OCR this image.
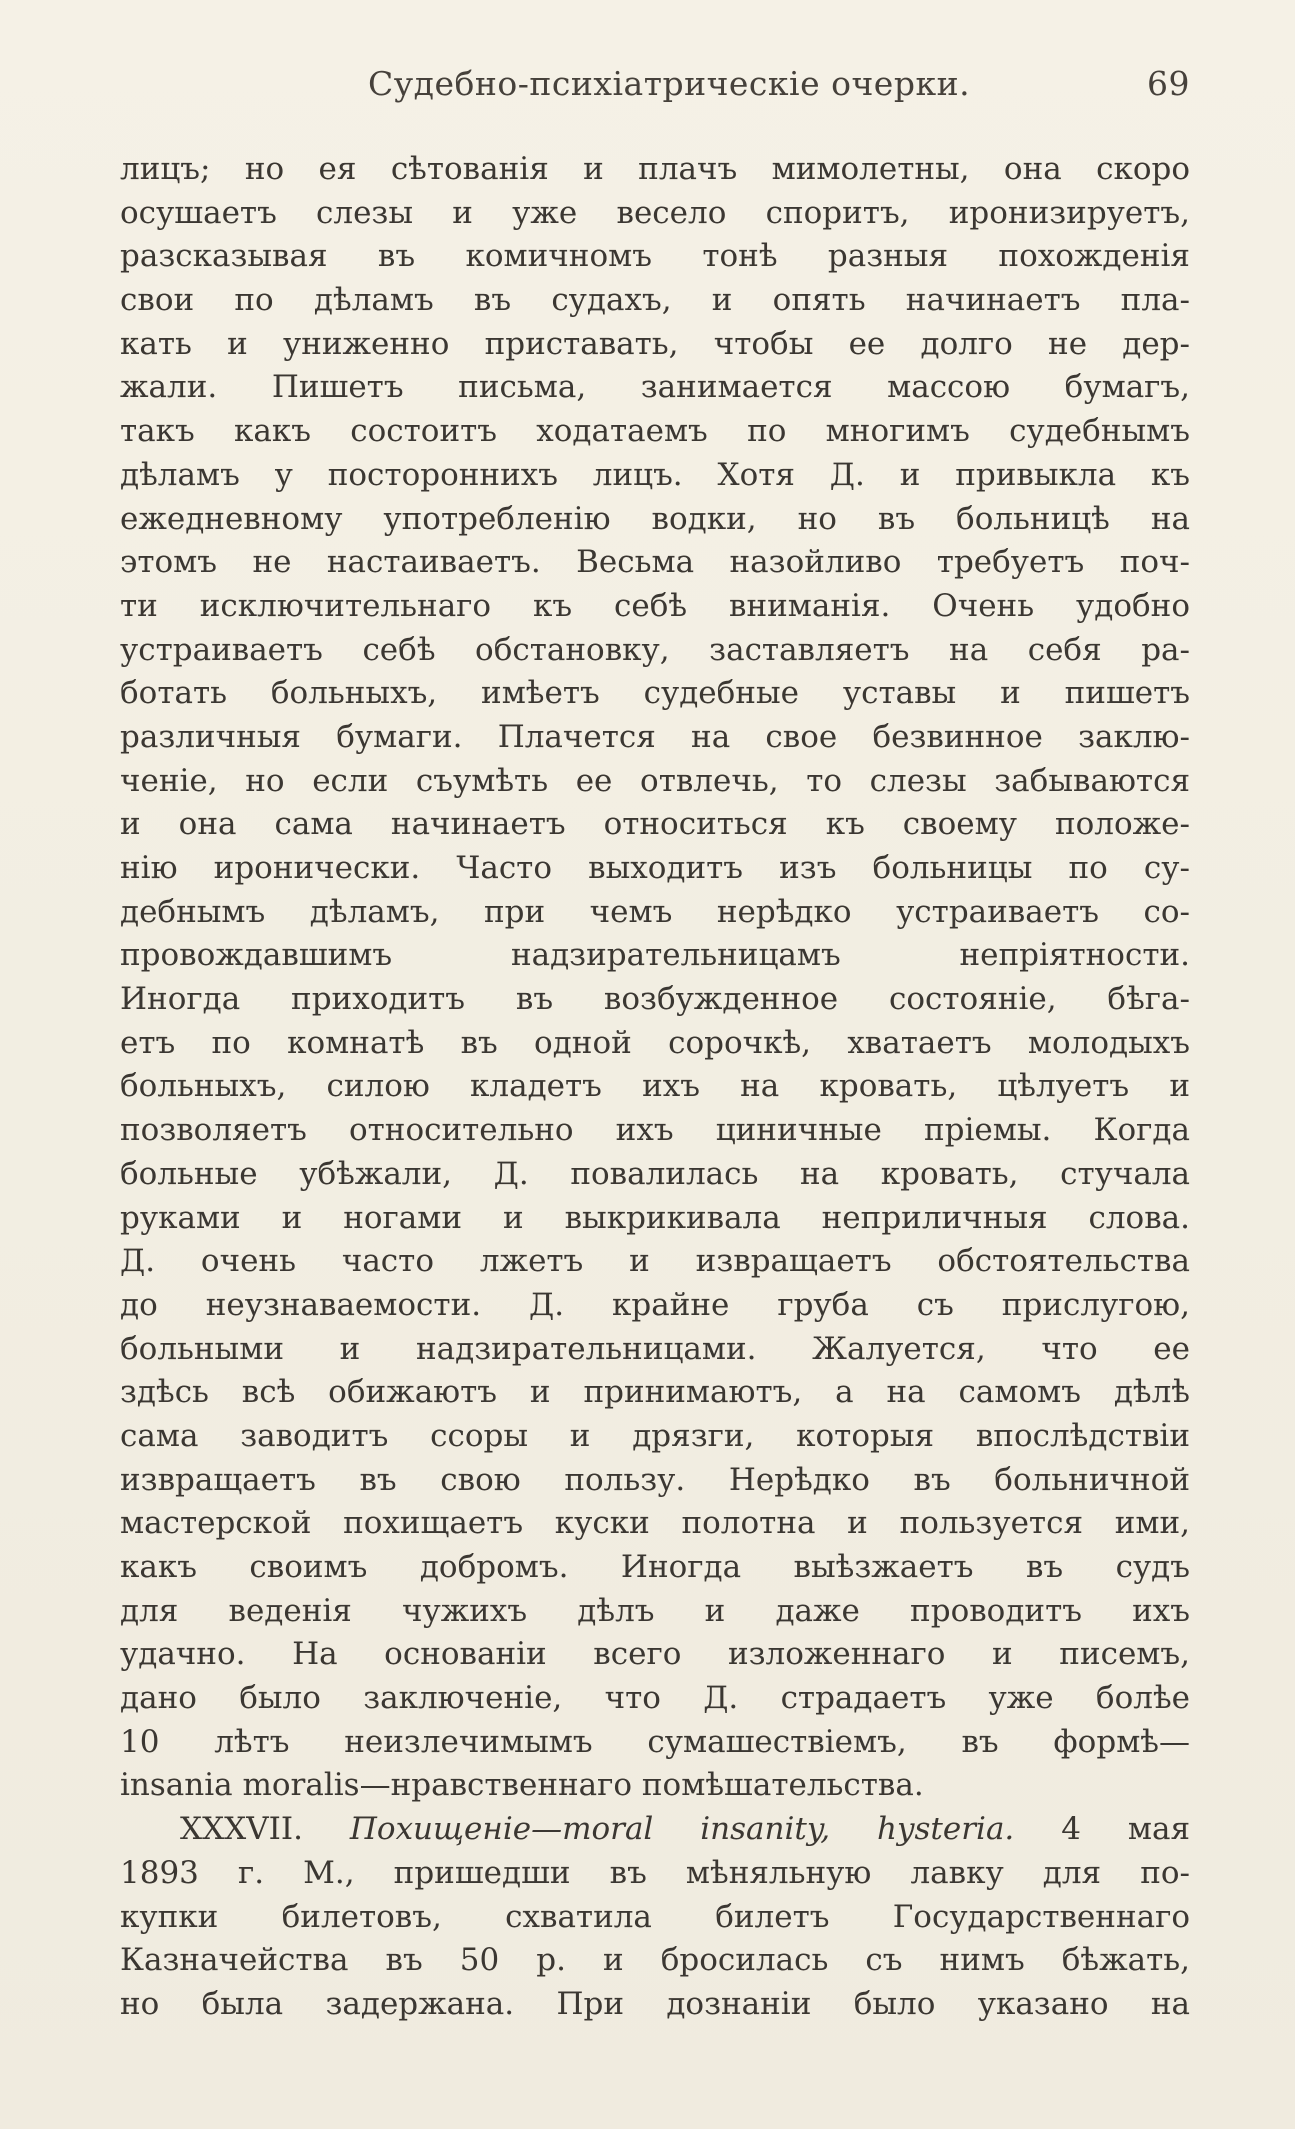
Судебно-психіатрическіе очерки.	69
лицъ; но ея сѣтованія и плачъ мимолетны, она скоро
осушаетъ слезы и уже весело споритъ, иронизируетъ,
разсказывая въ комичномъ тонѣ разныя похожденія
свои по дѣламъ въ судахъ, и опять начинаетъ пла-
кать и униженно приставать, чтобы ее долго не дер-
жали. Пишетъ письма, занимается массою бумагъ,
такъ какъ состоитъ ходатаемъ по многимъ судебнымъ
дѣламъ у постороннихъ лицъ. Хотя Д. и привыкла къ
ежедневному употребленію водки, но въ больницѣ на
этомъ не настаиваетъ. Весьма назойливо требуетъ поч-
ти исключительнаго къ себѣ вниманія. Очень удобно
устраиваетъ себѣ обстановку, заставляетъ на себя ра-
ботать больныхъ, имѣетъ судебные уставы и пишетъ
различныя бумаги. Плачется на свое безвинное заклю-
ченіе, но если съумѣть ее отвлечь, то слезы забываются
и она сама начинаетъ относиться къ своему положе-
нію иронически. Часто выходитъ изъ больницы по су-
дебнымъ дѣламъ, при чемъ нерѣдко устраиваетъ со-
провождавшимъ надзирательницамъ непріятности.
Иногда приходитъ въ возбужденное состояніе, бѣга-
етъ по комнатѣ въ одной сорочкѣ, хватаетъ молодыхъ
больныхъ, силою кладетъ ихъ на кровать, цѣлуетъ и
позволяетъ относительно ихъ циничные пріемы. Когда
больные убѣжали, Д. повалилась на кровать, стучала
руками и ногами и выкрикивала неприличныя слова.
Д. очень часто лжетъ и извращаетъ обстоятельства
до неузнаваемости. Д. крайне груба съ прислугою,
больными и надзирательницами. Жалуется, что ее
здѣсь всѣ обижаютъ и принимаютъ, а на самомъ дѣлѣ
сама заводитъ ссоры и дрязги, которыя впослѣдствіи
извращаетъ въ свою пользу. Нерѣдко въ больничной
мастерской похищаетъ куски полотна и пользуется ими,
какъ своимъ добромъ. Иногда выѣзжаетъ въ судъ
для веденія чужихъ дѣлъ и даже проводитъ ихъ
удачно. На основаніи всего изложеннаго и писемъ,
дано было заключеніе, что Д. страдаетъ уже болѣе
10 лѣтъ неизлечимымъ сумашествіемъ, въ формѣ—
insania moralis—нравственнаго помѣшательства.
XXXVII. Похищеніе—moral insanity, hysteria. 4 мая
1893 г. М., пришедши въ мѣняльную лавку для по-
купки билетовъ, схватила билетъ Государственнаго
Казначейства въ 50 р. и бросилась съ нимъ бѣжать,
но была задержана. При дознаніи было указано на
